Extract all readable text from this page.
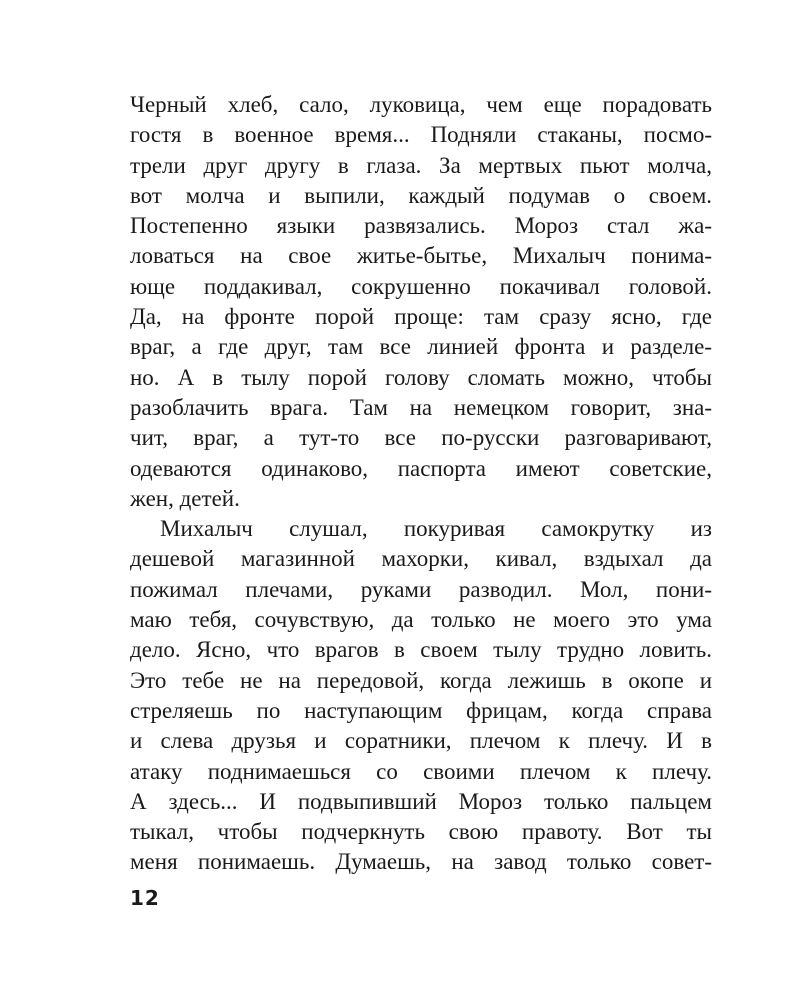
Черный хлеб, сало, луковица, чем еще порадовать
гостя в военное время... Подняли стаканы, посмо-
трели друг другу в глаза. За мертвых пьют молча,
вот молча и выпили, каждый подумав о своем.
Постепенно языки развязались. Мороз стал жа-
ловаться на свое житье-бытье, Михалыч понима-
юще поддакивал, сокрушенно покачивал головой.
Да, на фронте порой проще: там сразу ясно, где
враг, а где друг, там все линией фронта и разделе-
но. А в тылу порой голову сломать можно, чтобы
разоблачить врага. Там на немецком говорит, зна-
чит, враг, а тут-то все по-русски разговаривают,
одеваются одинаково, паспорта имеют советские,
жен, детей.
Михалыч слушал, покуривая самокрутку из
дешевой магазинной махорки, кивал, вздыхал да
пожимал плечами, руками разводил. Мол, пони-
маю тебя, сочувствую, да только не моего это ума
дело. Ясно, что врагов в своем тылу трудно ловить.
Это тебе не на передовой, когда лежишь в окопе и
стреляешь по наступающим фрицам, когда справа
и слева друзья и соратники, плечом к плечу. И в
атаку поднимаешься со своими плечом к плечу.
А здесь... И подвыпивший Мороз только пальцем
тыкал, чтобы подчеркнуть свою правоту. Вот ты
меня понимаешь. Думаешь, на завод только совет-
12
